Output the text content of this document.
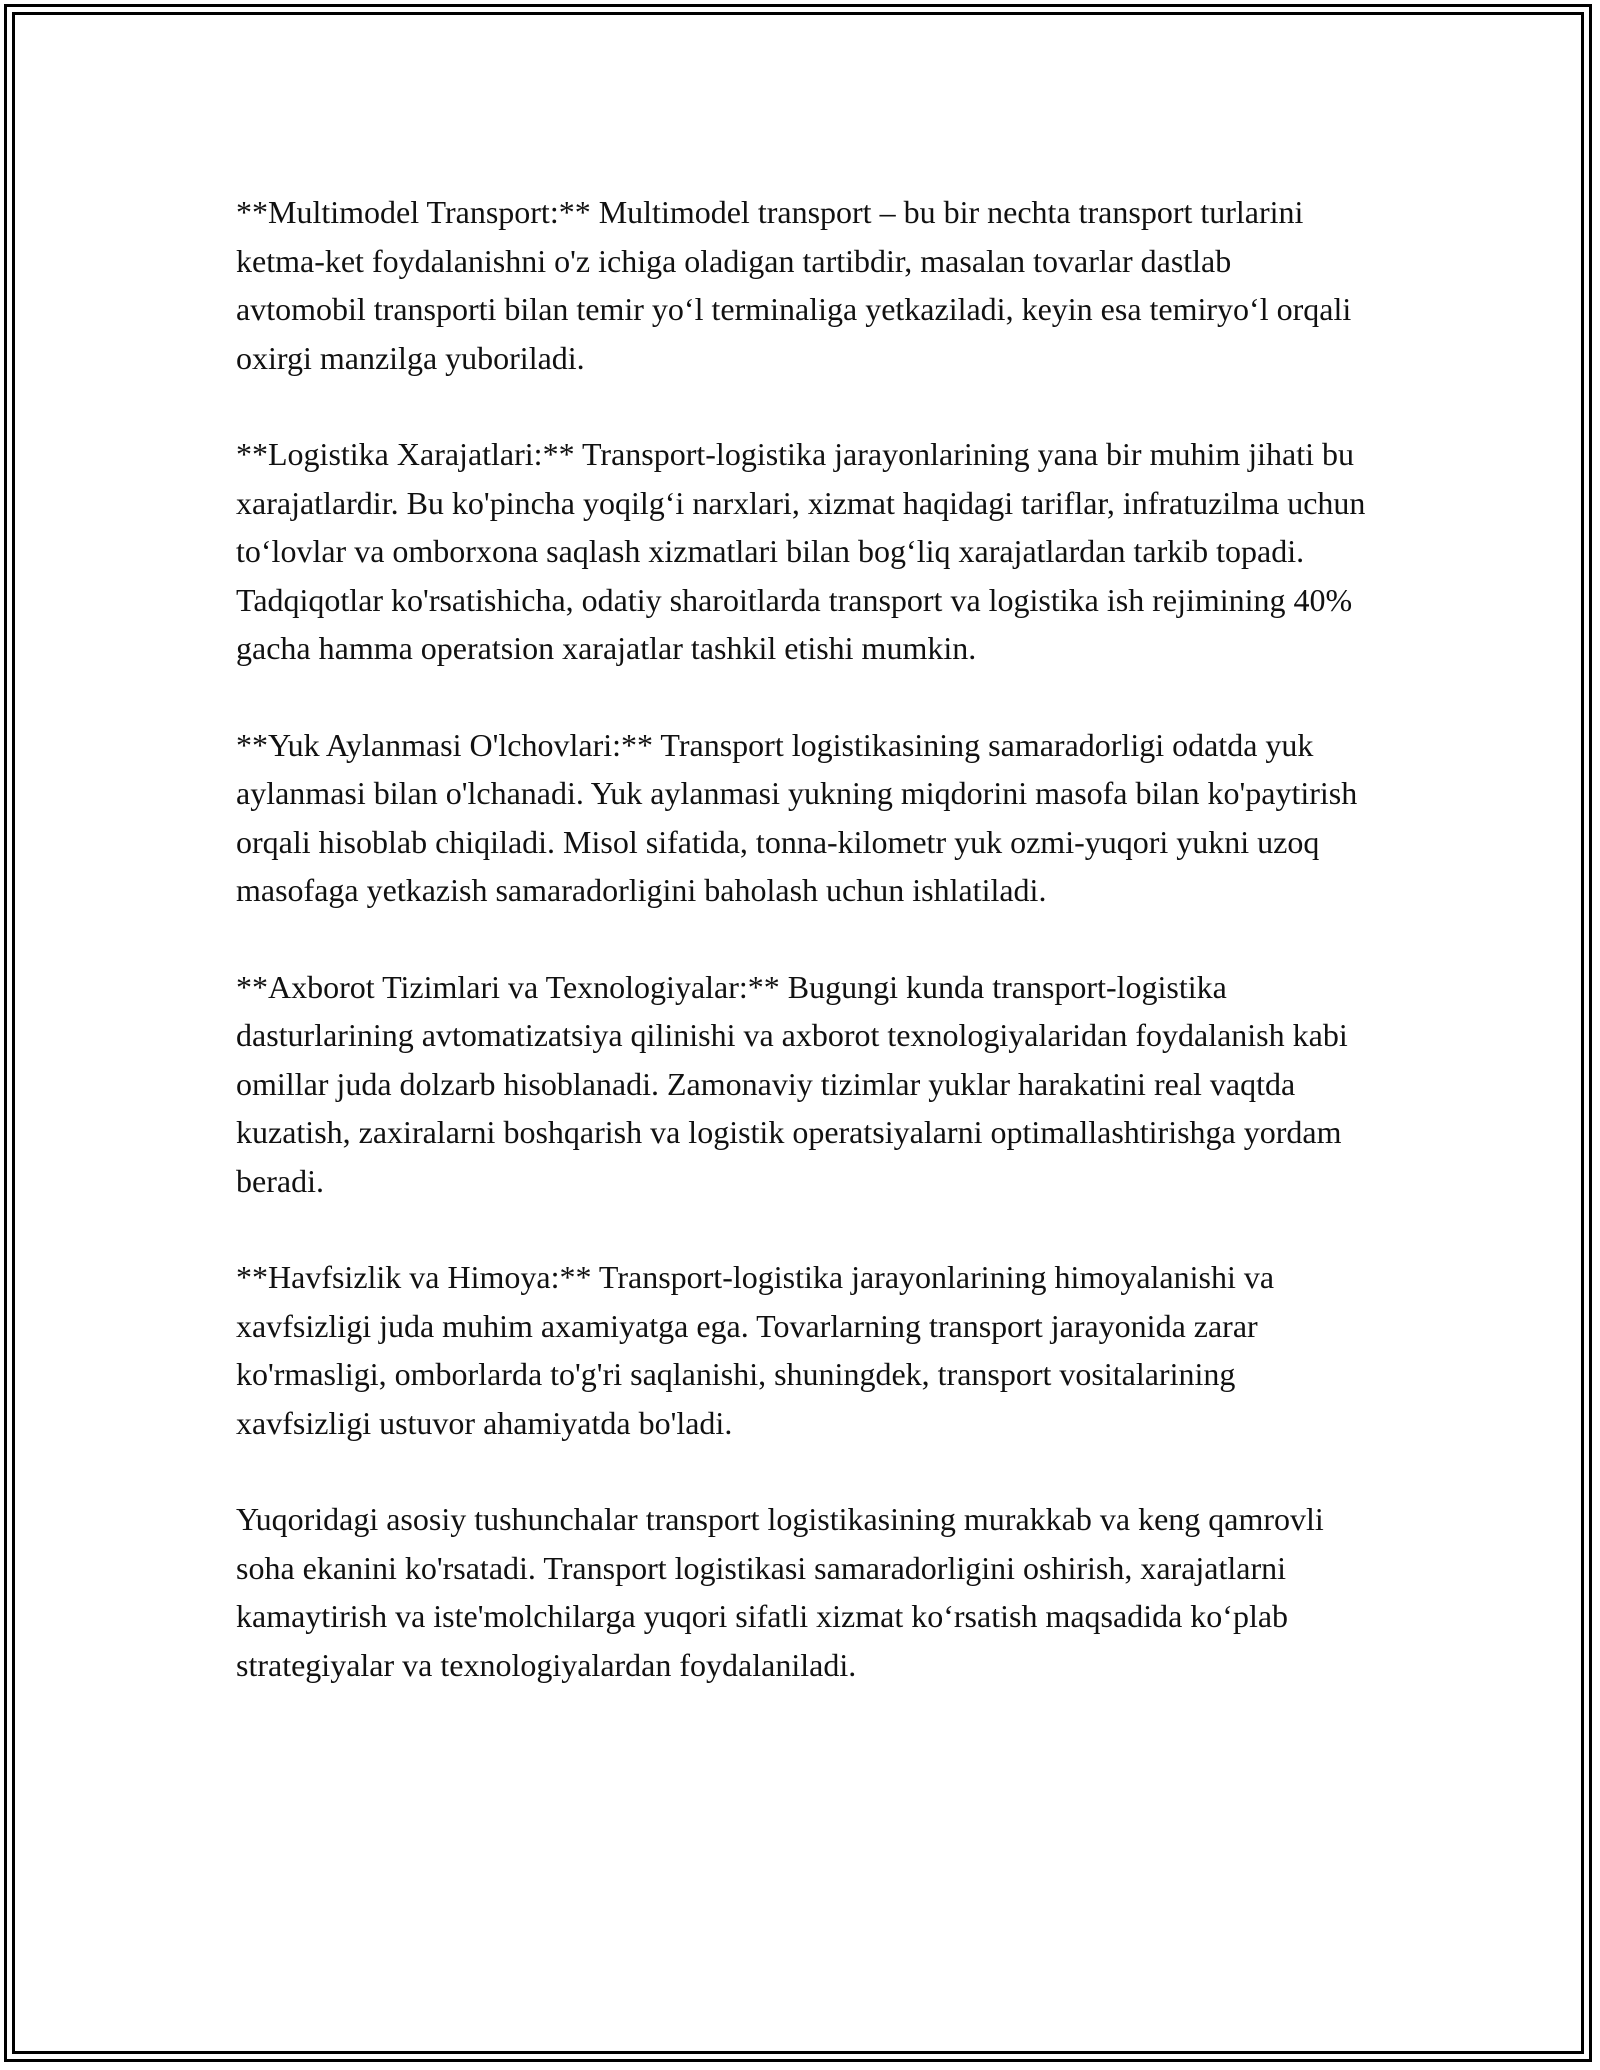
**Multimodel Transport:** Multimodel transport – bu bir nechta transport turlarini ketma-ket foydalanishni o'z ichiga oladigan tartibdir, masalan tovarlar dastlab avtomobil transporti bilan temir yo‘l terminaliga yetkaziladi, keyin esa temiryo‘l orqali oxirgi manzilga yuboriladi.

**Logistika Xarajatlari:** Transport-logistika jarayonlarining yana bir muhim jihati bu xarajatlardir. Bu ko'pincha yoqilg‘i narxlari, xizmat haqidagi tariflar, infratuzilma uchun to‘lovlar va omborxona saqlash xizmatlari bilan bog‘liq xarajatlardan tarkib topadi. Tadqiqotlar ko'rsatishicha, odatiy sharoitlarda transport va logistika ish rejimining 40% gacha hamma operatsion xarajatlar tashkil etishi mumkin.

**Yuk Aylanmasi O'lchovlari:** Transport logistikasining samaradorligi odatda yuk aylanmasi bilan o'lchanadi. Yuk aylanmasi yukning miqdorini masofa bilan ko'paytirish orqali hisoblab chiqiladi. Misol sifatida, tonna-kilometr yuk ozmi-yuqori yukni uzoq masofaga yetkazish samaradorligini baholash uchun ishlatiladi.

**Axborot Tizimlari va Texnologiyalar:** Bugungi kunda transport-logistika dasturlarining avtomatizatsiya qilinishi va axborot texnologiyalaridan foydalanish kabi omillar juda dolzarb hisoblanadi. Zamonaviy tizimlar yuklar harakatini real vaqtda kuzatish, zaxiralarni boshqarish va logistik operatsiyalarni optimallashtirishga yordam beradi.

**Havfsizlik va Himoya:** Transport-logistika jarayonlarining himoyalanishi va xavfsizligi juda muhim axamiyatga ega. Tovarlarning transport jarayonida zarar ko'rmasligi, omborlarda to'g'ri saqlanishi, shuningdek, transport vositalarining xavfsizligi ustuvor ahamiyatda bo'ladi.

Yuqoridagi asosiy tushunchalar transport logistikasining murakkab va keng qamrovli soha ekanini ko'rsatadi. Transport logistikasi samaradorligini oshirish, xarajatlarni kamaytirish va iste'molchilarga yuqori sifatli xizmat ko‘rsatish maqsadida ko‘plab strategiyalar va texnologiyalardan foydalaniladi.
